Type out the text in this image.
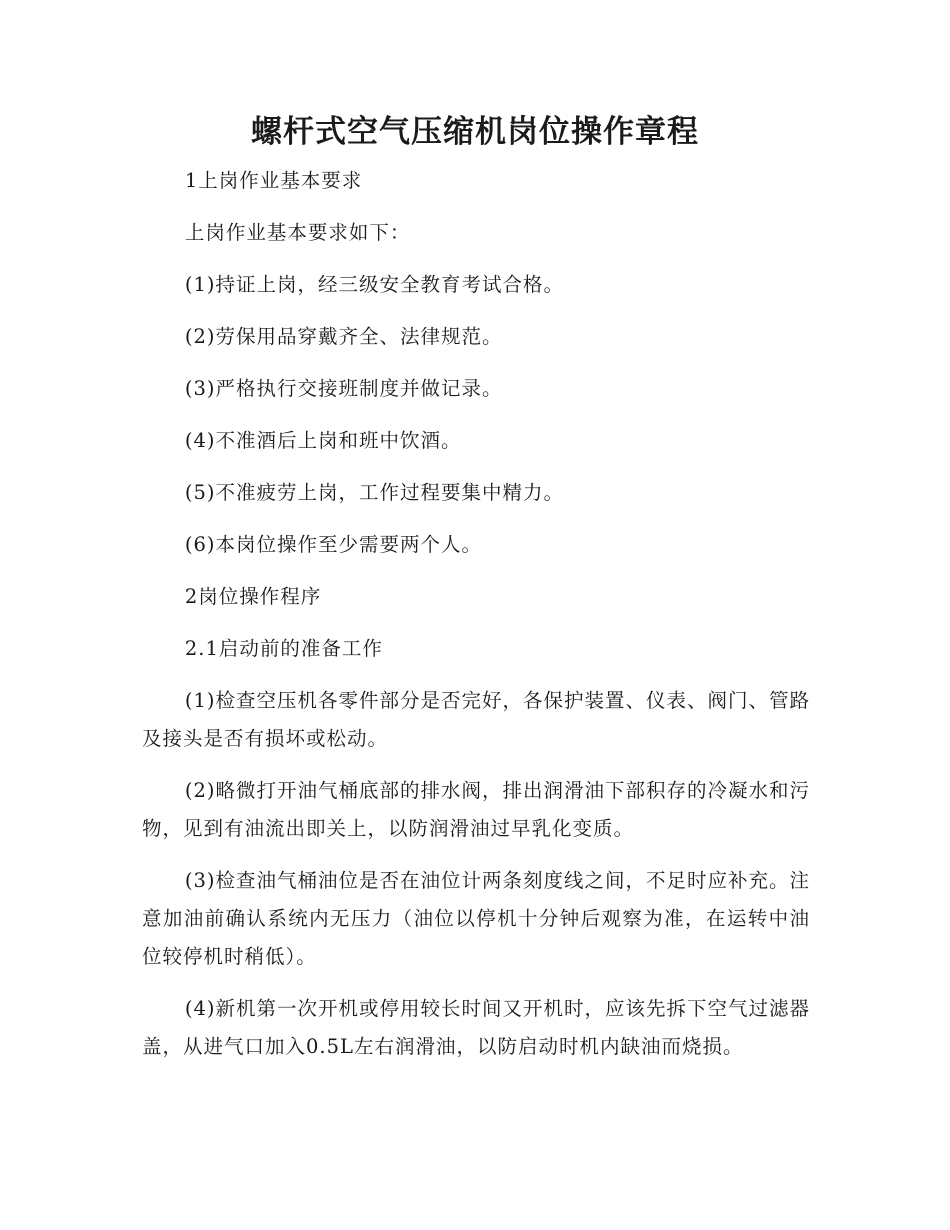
螺杆式空气压缩机岗位操作章程

1上岗作业基本要求

上岗作业基本要求如下：

(1)持证上岗，经三级安全教育考试合格。

(2)劳保用品穿戴齐全、法律规范。

(3)严格执行交接班制度并做记录。

(4)不准酒后上岗和班中饮酒。

(5)不准疲劳上岗，工作过程要集中精力。

(6)本岗位操作至少需要两个人。

2岗位操作程序

2.1启动前的准备工作

(1)检查空压机各零件部分是否完好，各保护装置、仪表、阀门、管路及接头是否有损坏或松动。

(2)略微打开油气桶底部的排水阀，排出润滑油下部积存的冷凝水和污物，见到有油流出即关上，以防润滑油过早乳化变质。

(3)检查油气桶油位是否在油位计两条刻度线之间，不足时应补充。注意加油前确认系统内无压力（油位以停机十分钟后观察为准，在运转中油位较停机时稍低）。

(4)新机第一次开机或停用较长时间又开机时，应该先拆下空气过滤器盖，从进气口加入0.5L左右润滑油，以防启动时机内缺油而烧损。
